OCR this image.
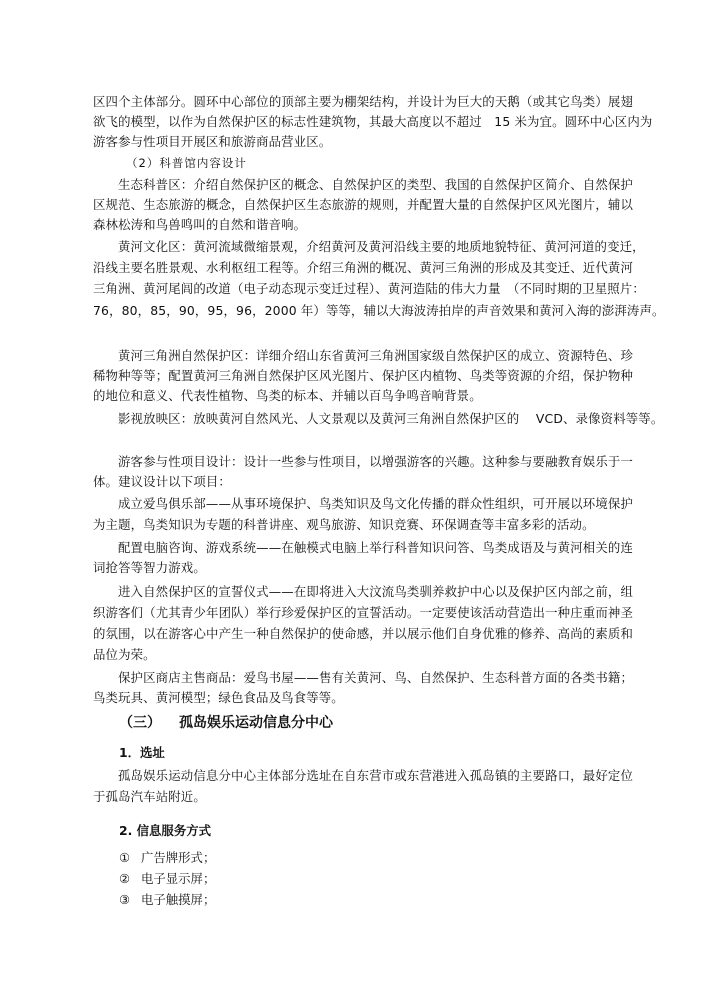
区四个主体部分。圆环中心部位的顶部主要为棚架结构，并设计为巨大的天鹅（或其它鸟类）展翅
欲飞的模型，以作为自然保护区的标志性建筑物，其最大高度以不超过　15 米为宜。圆环中心区内为
游客参与性项目开展区和旅游商品营业区。
（2）科普馆内容设计
生态科普区：介绍自然保护区的概念、自然保护区的类型、我国的自然保护区简介、自然保护
区规范、生态旅游的概念，自然保护区生态旅游的规则，并配置大量的自然保护区风光图片，辅以
森林松涛和鸟兽鸣叫的自然和谐音响。
黄河文化区：黄河流域微缩景观，介绍黄河及黄河沿线主要的地质地貌特征、黄河河道的变迁，
沿线主要名胜景观、水利枢纽工程等。介绍三角洲的概况、黄河三角洲的形成及其变迁、近代黄河
三角洲、黄河尾闾的改道（电子动态现示变迁过程）、黄河造陆的伟大力量　（不同时期的卫星照片：
76，80，85，90，95，96，2000 年）等等，辅以大海波涛拍岸的声音效果和黄河入海的澎湃涛声。
黄河三角洲自然保护区：详细介绍山东省黄河三角洲国家级自然保护区的成立、资源特色、珍
稀物种等等；配置黄河三角洲自然保护区风光图片、保护区内植物、鸟类等资源的介绍，保护物种
的地位和意义、代表性植物、鸟类的标本、并辅以百鸟争鸣音响背景。
影视放映区：放映黄河自然风光、人文景观以及黄河三角洲自然保护区的　 VCD、录像资料等等。
游客参与性项目设计：设计一些参与性项目，以增强游客的兴趣。这种参与要融教育娱乐于一
体。建议设计以下项目：
成立爱鸟俱乐部——从事环境保护、鸟类知识及鸟文化传播的群众性组织，可开展以环境保护
为主题，鸟类知识为专题的科普讲座、观鸟旅游、知识竞赛、环保调查等丰富多彩的活动。
配置电脑咨询、游戏系统——在触模式电脑上举行科普知识问答、鸟类成语及与黄河相关的连
词抢答等智力游戏。
进入自然保护区的宣誓仪式——在即将进入大汶流鸟类驯养救护中心以及保护区内部之前，组
织游客们（尤其青少年团队）举行珍爱保护区的宣誓活动。一定要使该活动营造出一种庄重而神圣
的氛围，以在游客心中产生一种自然保护的使命感，并以展示他们自身优雅的修养、高尚的素质和
品位为荣。
保护区商店主售商品：爱鸟书屋——售有关黄河、鸟、自然保护、生态科普方面的各类书籍；
鸟类玩具、黄河模型；绿色食品及鸟食等等。
（三） 孤岛娱乐运动信息分中心
1．选址
孤岛娱乐运动信息分中心主体部分选址在自东营市或东营港进入孤岛镇的主要路口，最好定位
于孤岛汽车站附近。
2. 信息服务方式
① 广告牌形式；
② 电子显示屏；
③ 电子触摸屏；
